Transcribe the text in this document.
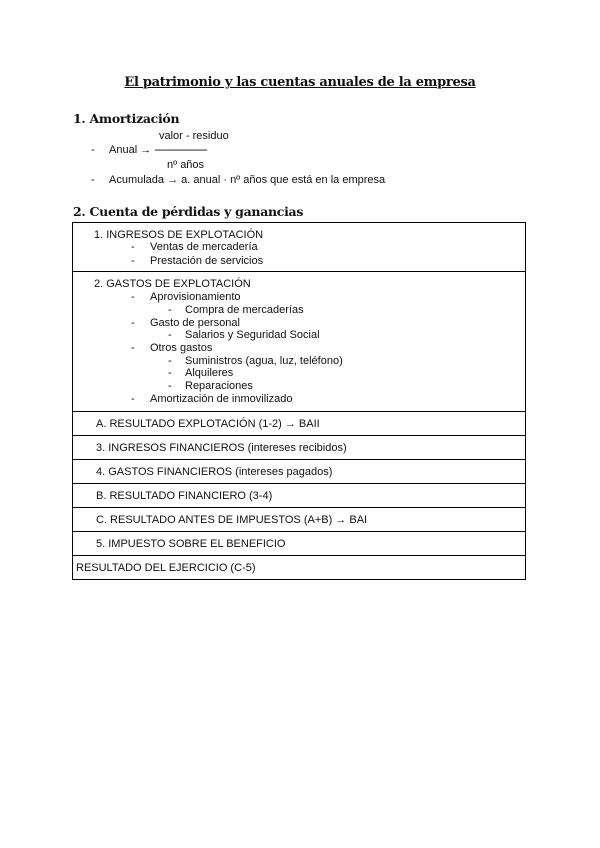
El patrimonio y las cuentas anuales de la empresa
1. Amortización
valor - residuo
- Anual → ------------------------
nº años
- Acumulada → a. anual · nº años que está en la empresa
2. Cuenta de pérdidas y ganancias
1. INGRESOS DE EXPLOTACIÓN
- Ventas de mercadería
- Prestación de servicios

2. GASTOS DE EXPLOTACIÓN
- Aprovisionamiento
- Compra de mercaderías
- Gasto de personal
- Salarios y Seguridad Social
- Otros gastos
- Suministros (agua, luz, teléfono)
- Alquileres
- Reparaciones
- Amortización de inmovilizado

A. RESULTADO EXPLOTACIÓN (1-2) → BAII

3. INGRESOS FINANCIEROS (intereses recibidos)

4. GASTOS FINANCIEROS (intereses pagados)

B. RESULTADO FINANCIERO (3-4)

C. RESULTADO ANTES DE IMPUESTOS (A+B) → BAI

5. IMPUESTO SOBRE EL BENEFICIO

RESULTADO DEL EJERCICIO (C-5)
